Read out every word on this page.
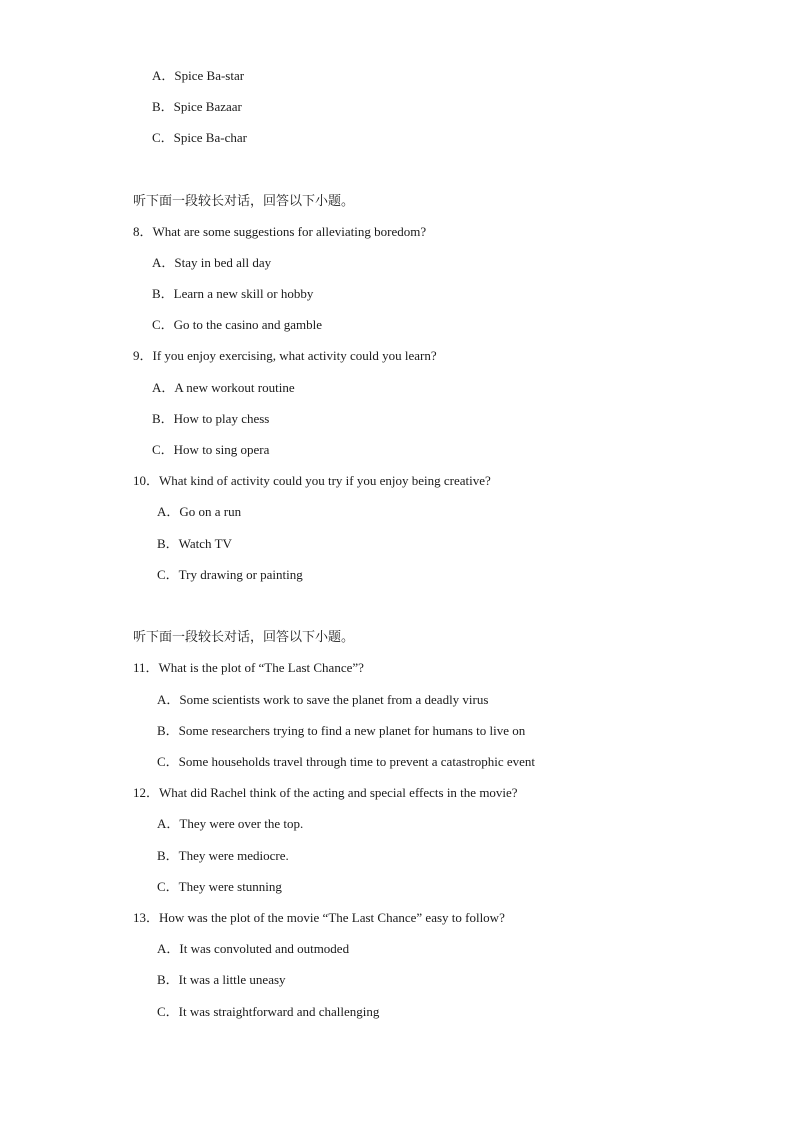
A．Spice Ba-star
B．Spice Bazaar
C．Spice Ba-char
听下面一段较长对话，回答以下小题。
8．What are some suggestions for alleviating boredom?
A．Stay in bed all day
B．Learn a new skill or hobby
C．Go to the casino and gamble
9．If you enjoy exercising, what activity could you learn?
A．A new workout routine
B．How to play chess
C．How to sing opera
10．What kind of activity could you try if you enjoy being creative?
A．Go on a run
B．Watch TV
C．Try drawing or painting
听下面一段较长对话，回答以下小题。
11．What is the plot of “The Last Chance”?
A．Some scientists work to save the planet from a deadly virus
B．Some researchers trying to find a new planet for humans to live on
C．Some households travel through time to prevent a catastrophic event
12．What did Rachel think of the acting and special effects in the movie?
A．They were over the top.
B．They were mediocre.
C．They were stunning
13．How was the plot of the movie “The Last Chance” easy to follow?
A．It was convoluted and outmoded
B．It was a little uneasy
C．It was straightforward and challenging
